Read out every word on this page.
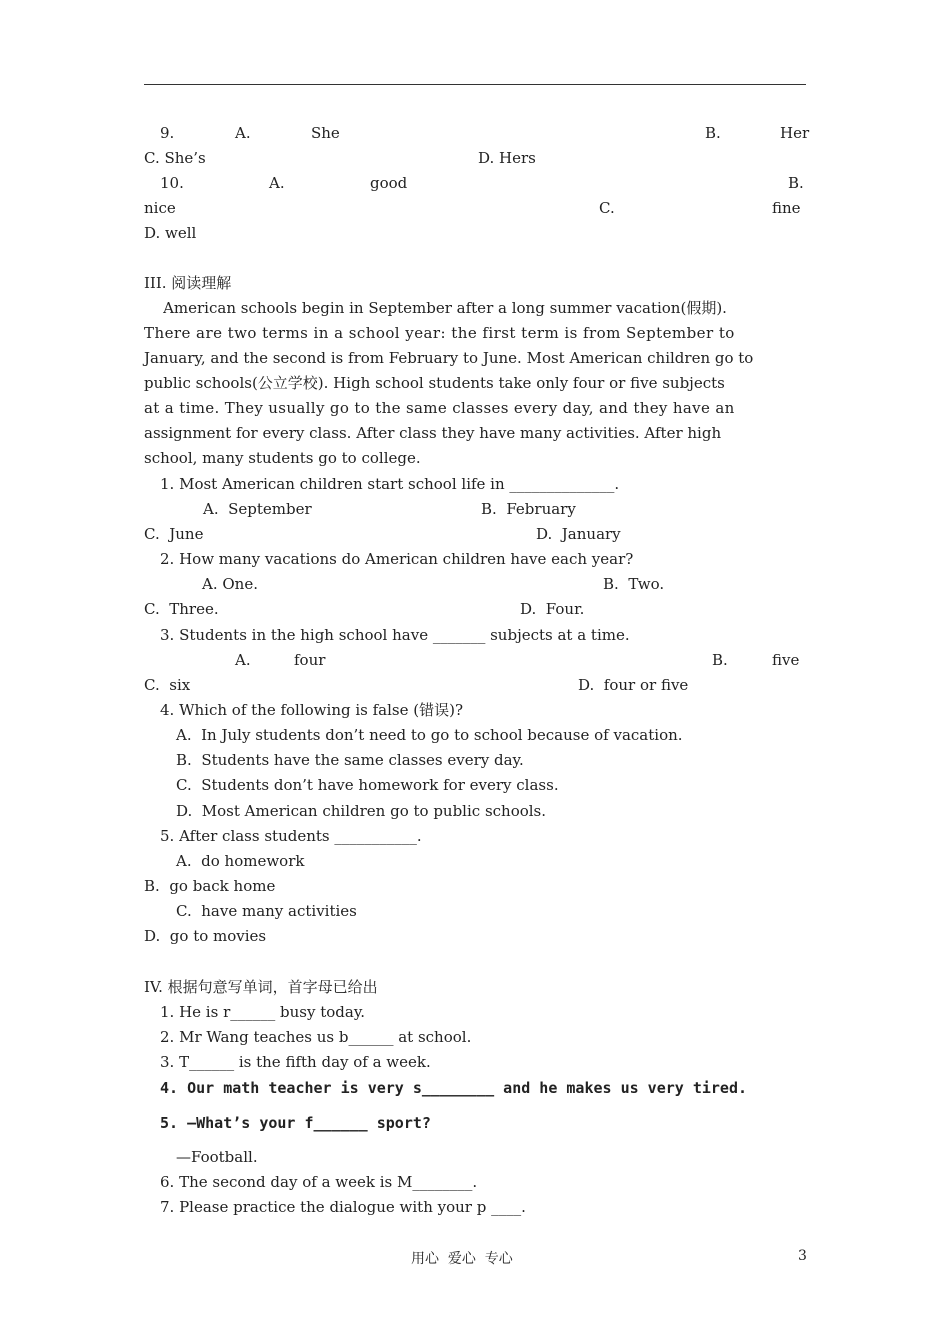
9.	A.	She	B.	Her
C. She’s	D. Hers
10.	A.	good	B.
nice	C.	fine
D. well
III. 阅读理解
American schools begin in September after a long summer vacation(假期).
There are two terms in a school year: the first term is from September to
January, and the second is from February to June. Most American children go to
public schools(公立学校). High school students take only four or five subjects
at a time. They usually go to the same classes every day, and they have an
assignment for every class. After class they have many activities. After high
school, many students go to college.
1. Most American children start school life in ______________.
A.  September	B.  February
C.  June	D.  January
2. How many vacations do American children have each year?
A. One.	B.  Two.
C.  Three.	D.  Four.
3. Students in the high school have _______ subjects at a time.
A.	four	B.	five
C.  six	D.  four or five
4. Which of the following is false (错误)?
A.  In July students don’t need to go to school because of vacation.
B.  Students have the same classes every day.
C.  Students don’t have homework for every class.
D.  Most American children go to public schools.
5. After class students ___________.
A.  do homework
B.  go back home
C.  have many activities
D.  go to movies
IV. 根据句意写单词，首字母已给出
1. He is r______ busy today.
2. Mr Wang teaches us b______ at school.
3. T______ is the fifth day of a week.
4. Our math teacher is very s________ and he makes us very tired.
5. —What’s your f______ sport?
—Football.
6. The second day of a week is M________.
7. Please practice the dialogue with your p ____.
用心  爱心  专心	3
